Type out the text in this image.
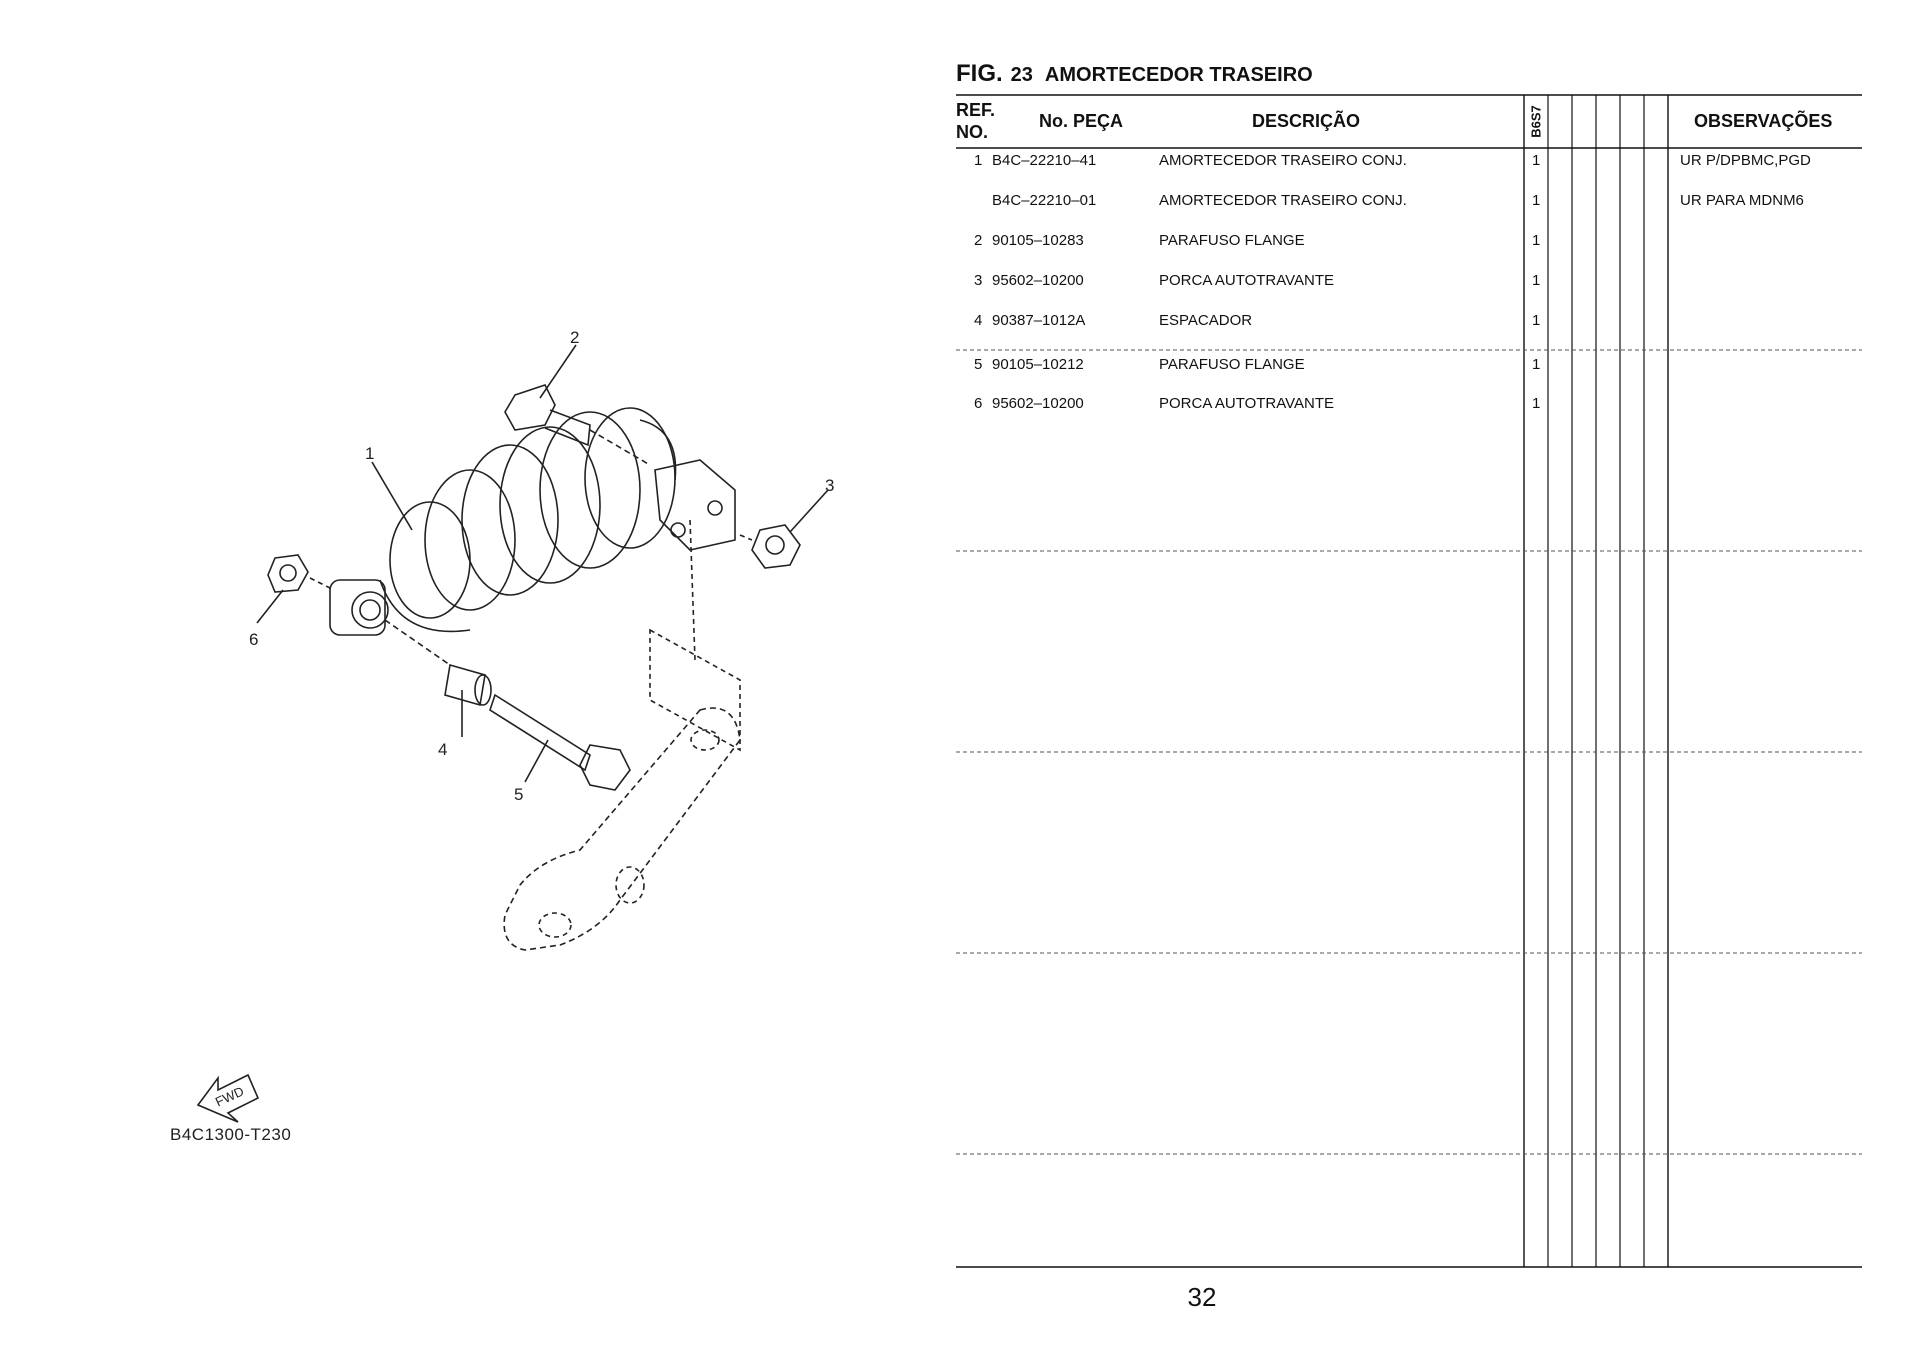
FWD
1
2
3
4
5
6
B4C1300-T230
FIG. 23 AMORTECEDOR TRASEIRO
REF.
NO.
No. PEÇA	DESCRIÇÃO	B6S7	OBSERVAÇÕES
1 B4C–22210–41	AMORTECEDOR TRASEIRO CONJ.	1	UR P/DPBMC,PGD
B4C–22210–01	AMORTECEDOR TRASEIRO CONJ.	1	UR PARA MDNM6
2 90105–10283	PARAFUSO FLANGE	1
3 95602–10200	PORCA AUTOTRAVANTE	1
4 90387–1012A	ESPACADOR	1
5 90105–10212	PARAFUSO FLANGE	1
6 95602–10200	PORCA AUTOTRAVANTE	1
32
